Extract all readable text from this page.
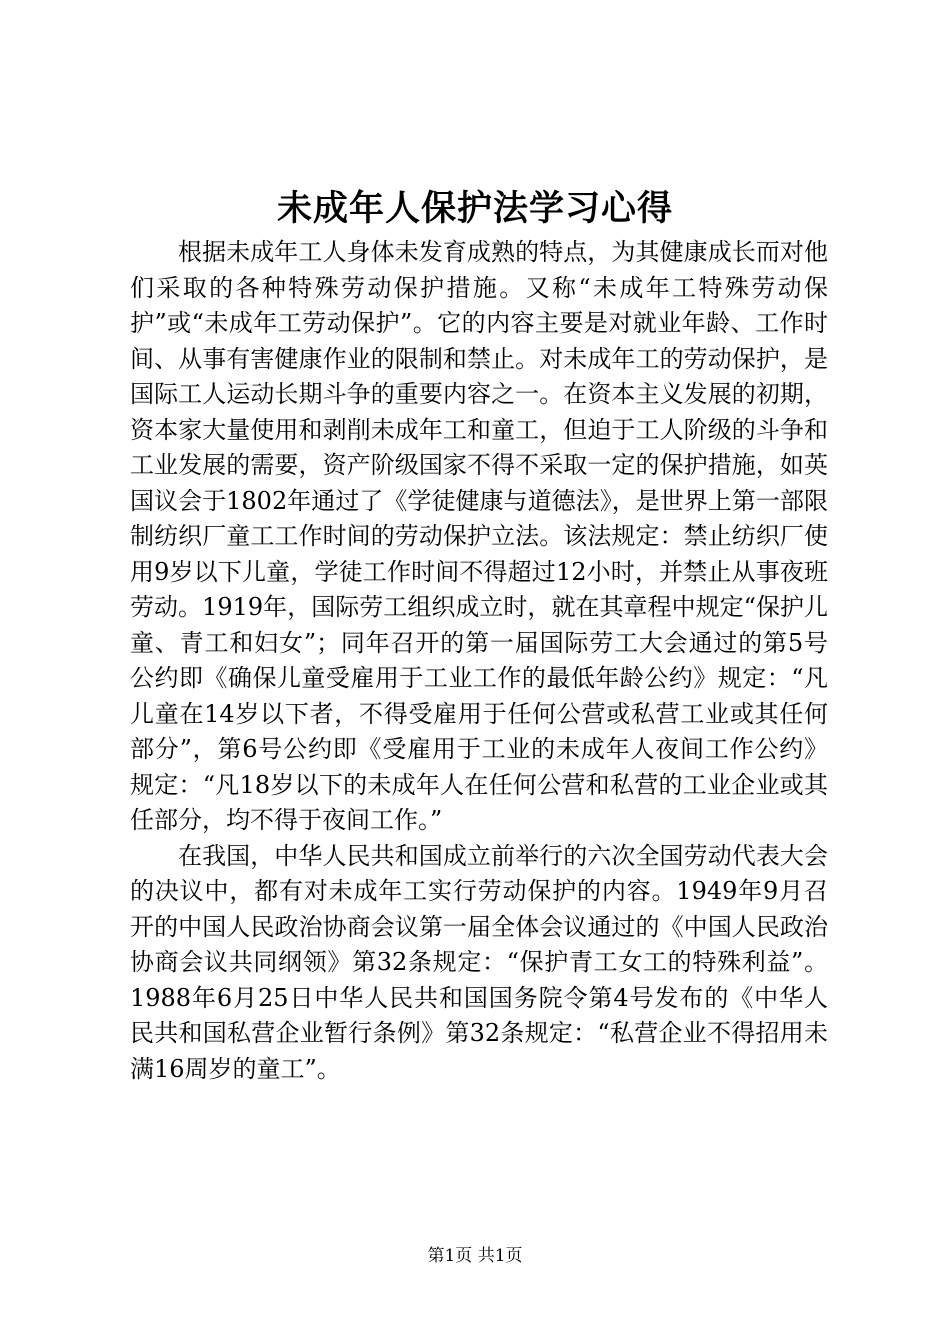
未成年人保护法学习心得

根据未成年工人身体未发育成熟的特点，为其健康成长而对他们采取的各种特殊劳动保护措施。又称“未成年工特殊劳动保护”或“未成年工劳动保护”。它的内容主要是对就业年龄、工作时间、从事有害健康作业的限制和禁止。对未成年工的劳动保护，是国际工人运动长期斗争的重要内容之一。在资本主义发展的初期，资本家大量使用和剥削未成年工和童工，但迫于工人阶级的斗争和工业发展的需要，资产阶级国家不得不采取一定的保护措施，如英国议会于1802年通过了《学徒健康与道德法》，是世界上第一部限制纺织厂童工工作时间的劳动保护立法。该法规定：禁止纺织厂使用9岁以下儿童，学徒工作时间不得超过12小时，并禁止从事夜班劳动。1919年，国际劳工组织成立时，就在其章程中规定“保护儿童、青工和妇女”；同年召开的第一届国际劳工大会通过的第5号公约即《确保儿童受雇用于工业工作的最低年龄公约》规定：“凡儿童在14岁以下者，不得受雇用于任何公营或私营工业或其任何部分”，第6号公约即《受雇用于工业的未成年人夜间工作公约》规定：“凡18岁以下的未成年人在任何公营和私营的工业企业或其任部分，均不得于夜间工作。”

在我国，中华人民共和国成立前举行的六次全国劳动代表大会的决议中，都有对未成年工实行劳动保护的内容。1949年9月召开的中国人民政治协商会议第一届全体会议通过的《中国人民政治协商会议共同纲领》第32条规定：“保护青工女工的特殊利益”。1988年6月25日中华人民共和国国务院令第4号发布的《中华人民共和国私营企业暂行条例》第32条规定：“私营企业不得招用未满16周岁的童工”。

第1页 共1页
